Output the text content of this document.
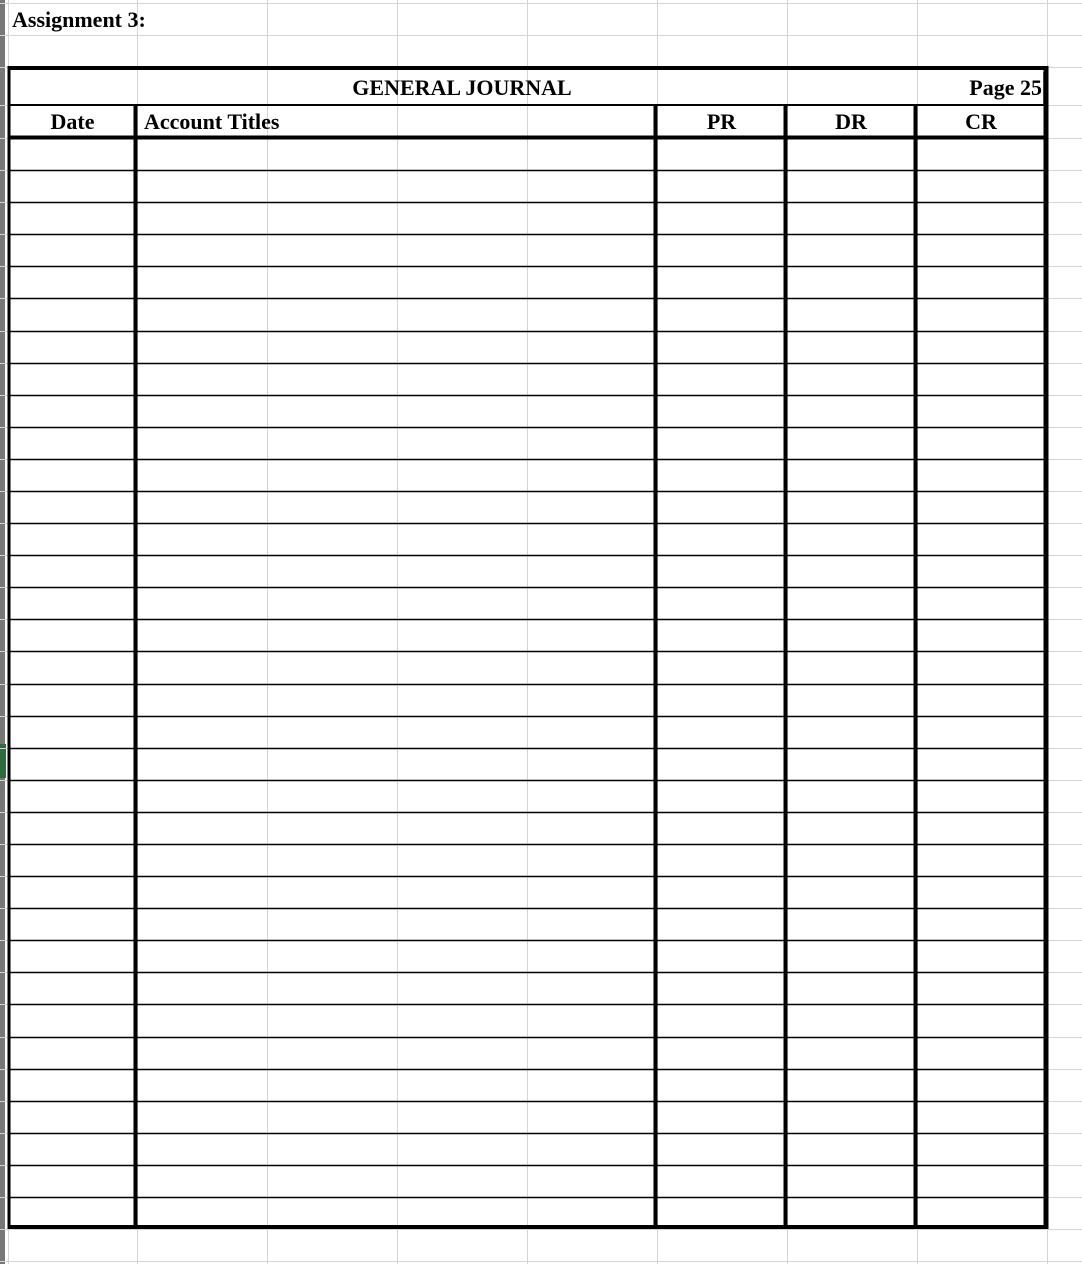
Assignment 3:
GENERAL JOURNAL	Page 25
Date	Account Titles	PR	DR	CR
